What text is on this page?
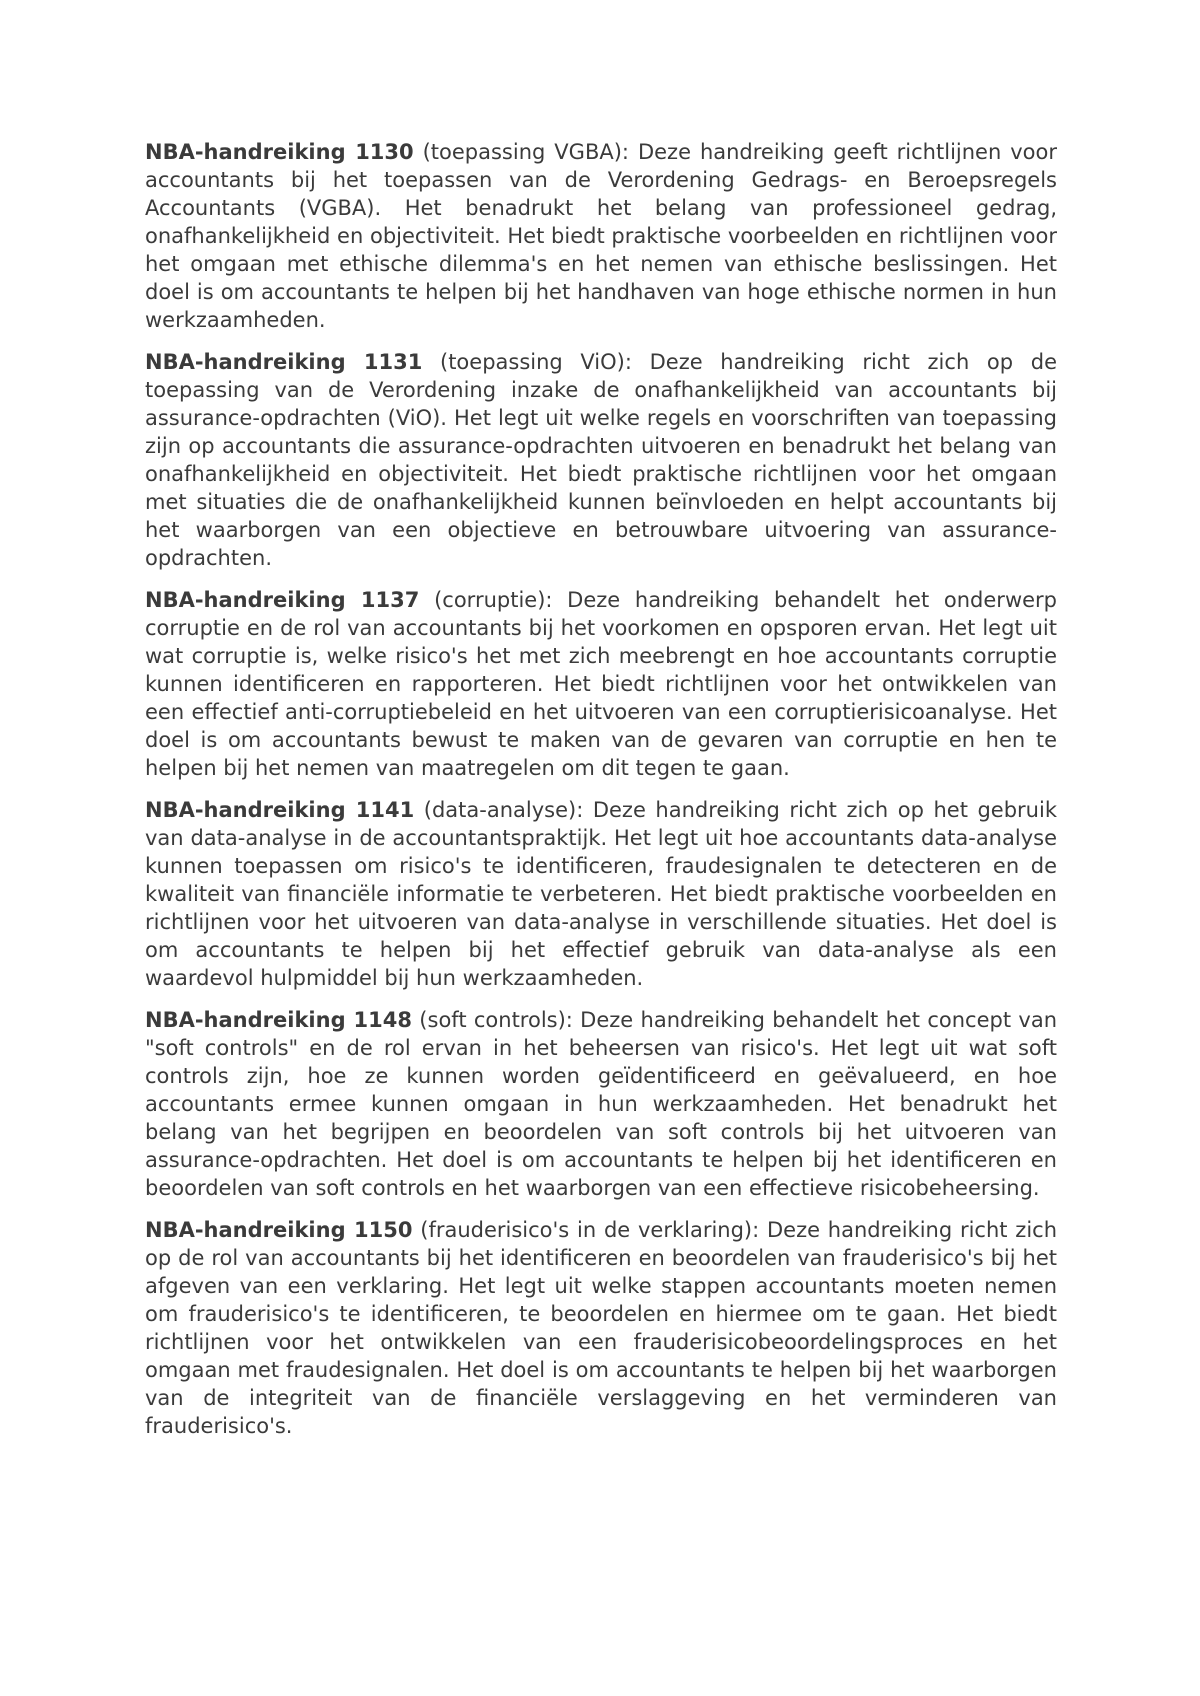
NBA-handreiking 1130 (toepassing VGBA): Deze handreiking geeft richtlijnen voor accountants bij het toepassen van de Verordening Gedrags- en Beroepsregels Accountants (VGBA). Het benadrukt het belang van professioneel gedrag, onafhankelijkheid en objectiviteit. Het biedt praktische voorbeelden en richtlijnen voor het omgaan met ethische dilemma's en het nemen van ethische beslissingen. Het doel is om accountants te helpen bij het handhaven van hoge ethische normen in hun werkzaamheden.

NBA-handreiking 1131 (toepassing ViO): Deze handreiking richt zich op de toepassing van de Verordening inzake de onafhankelijkheid van accountants bij assurance-opdrachten (ViO). Het legt uit welke regels en voorschriften van toepassing zijn op accountants die assurance-opdrachten uitvoeren en benadrukt het belang van onafhankelijkheid en objectiviteit. Het biedt praktische richtlijnen voor het omgaan met situaties die de onafhankelijkheid kunnen beïnvloeden en helpt accountants bij het waarborgen van een objectieve en betrouwbare uitvoering van assurance-opdrachten.

NBA-handreiking 1137 (corruptie): Deze handreiking behandelt het onderwerp corruptie en de rol van accountants bij het voorkomen en opsporen ervan. Het legt uit wat corruptie is, welke risico's het met zich meebrengt en hoe accountants corruptie kunnen identificeren en rapporteren. Het biedt richtlijnen voor het ontwikkelen van een effectief anti-corruptiebeleid en het uitvoeren van een corruptierisicoanalyse. Het doel is om accountants bewust te maken van de gevaren van corruptie en hen te helpen bij het nemen van maatregelen om dit tegen te gaan.

NBA-handreiking 1141 (data-analyse): Deze handreiking richt zich op het gebruik van data-analyse in de accountantspraktijk. Het legt uit hoe accountants data-analyse kunnen toepassen om risico's te identificeren, fraudesignalen te detecteren en de kwaliteit van financiële informatie te verbeteren. Het biedt praktische voorbeelden en richtlijnen voor het uitvoeren van data-analyse in verschillende situaties. Het doel is om accountants te helpen bij het effectief gebruik van data-analyse als een waardevol hulpmiddel bij hun werkzaamheden.

NBA-handreiking 1148 (soft controls): Deze handreiking behandelt het concept van "soft controls" en de rol ervan in het beheersen van risico's. Het legt uit wat soft controls zijn, hoe ze kunnen worden geïdentificeerd en geëvalueerd, en hoe accountants ermee kunnen omgaan in hun werkzaamheden. Het benadrukt het belang van het begrijpen en beoordelen van soft controls bij het uitvoeren van assurance-opdrachten. Het doel is om accountants te helpen bij het identificeren en beoordelen van soft controls en het waarborgen van een effectieve risicobeheersing.

NBA-handreiking 1150 (frauderisico's in de verklaring): Deze handreiking richt zich op de rol van accountants bij het identificeren en beoordelen van frauderisico's bij het afgeven van een verklaring. Het legt uit welke stappen accountants moeten nemen om frauderisico's te identificeren, te beoordelen en hiermee om te gaan. Het biedt richtlijnen voor het ontwikkelen van een frauderisicobeoordelingsproces en het omgaan met fraudesignalen. Het doel is om accountants te helpen bij het waarborgen van de integriteit van de financiële verslaggeving en het verminderen van frauderisico's.
